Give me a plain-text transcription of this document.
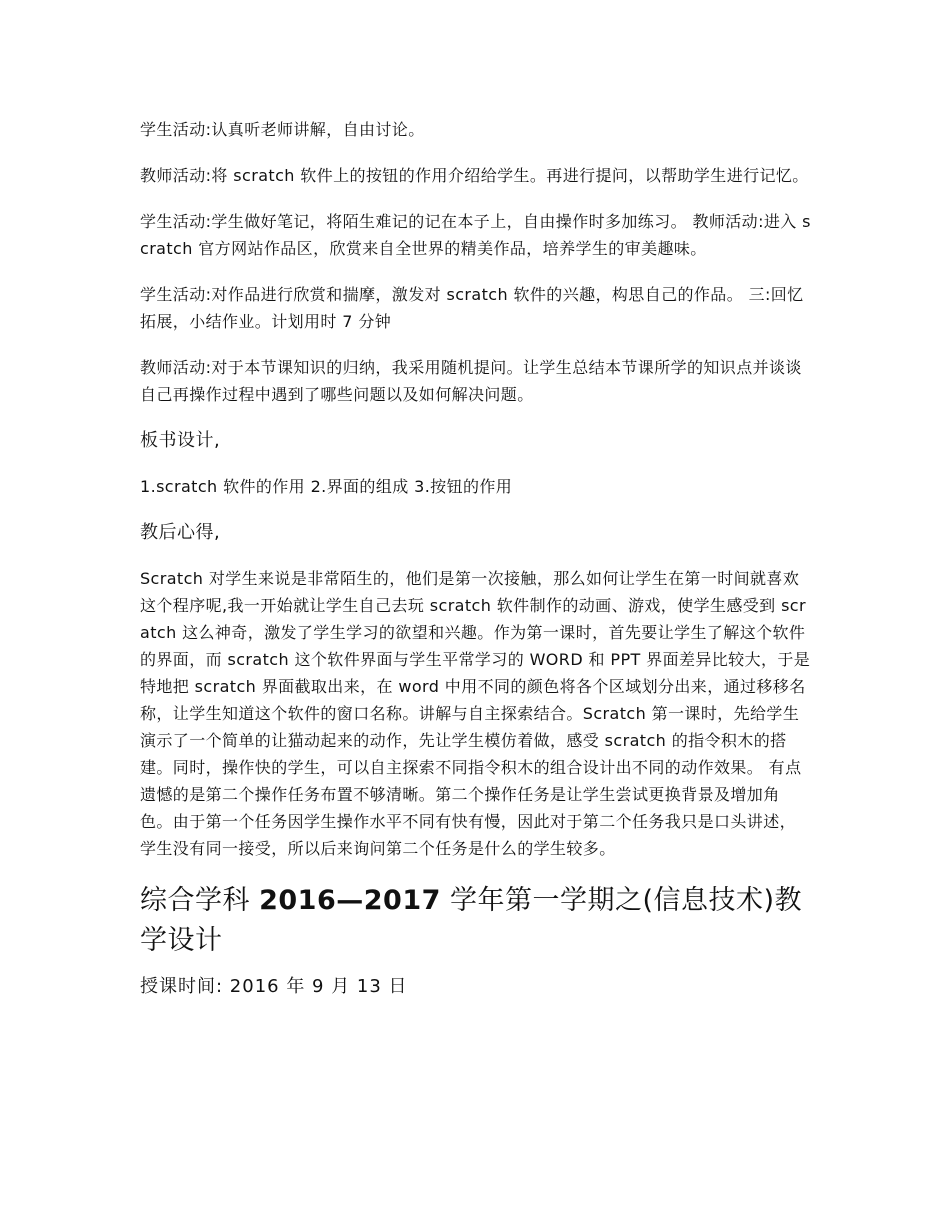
学生活动:认真听老师讲解，自由讨论。

教师活动:将 scratch 软件上的按钮的作用介绍给学生。再进行提问，以帮助学生进行记忆。

学生活动:学生做好笔记，将陌生难记的记在本子上，自由操作时多加练习。 教师活动:进入 scratch 官方网站作品区，欣赏来自全世界的精美作品，培养学生的审美趣味。

学生活动:对作品进行欣赏和揣摩，激发对 scratch 软件的兴趣，构思自己的作品。 三:回忆拓展，小结作业。计划用时 7 分钟

教师活动:对于本节课知识的归纳，我采用随机提问。让学生总结本节课所学的知识点并谈谈自己再操作过程中遇到了哪些问题以及如何解决问题。

板书设计,

1.scratch 软件的作用 2.界面的组成 3.按钮的作用

教后心得,

Scratch 对学生来说是非常陌生的，他们是第一次接触，那么如何让学生在第一时间就喜欢这个程序呢,我一开始就让学生自己去玩 scratch 软件制作的动画、游戏，使学生感受到 scratch 这么神奇，激发了学生学习的欲望和兴趣。作为第一课时，首先要让学生了解这个软件的界面，而 scratch 这个软件界面与学生平常学习的 WORD 和 PPT 界面差异比较大，于是特地把 scratch 界面截取出来，在 word 中用不同的颜色将各个区域划分出来，通过移移名称，让学生知道这个软件的窗口名称。讲解与自主探索结合。Scratch 第一课时，先给学生演示了一个简单的让猫动起来的动作，先让学生模仿着做，感受 scratch 的指令积木的搭建。同时，操作快的学生，可以自主探索不同指令积木的组合设计出不同的动作效果。 有点遗憾的是第二个操作任务布置不够清晰。第二个操作任务是让学生尝试更换背景及增加角色。由于第一个任务因学生操作水平不同有快有慢，因此对于第二个任务我只是口头讲述，学生没有同一接受，所以后来询问第二个任务是什么的学生较多。

综合学科 2016—2017 学年第一学期之(信息技术)教学设计

授课时间: 2016 年 9 月 13 日
